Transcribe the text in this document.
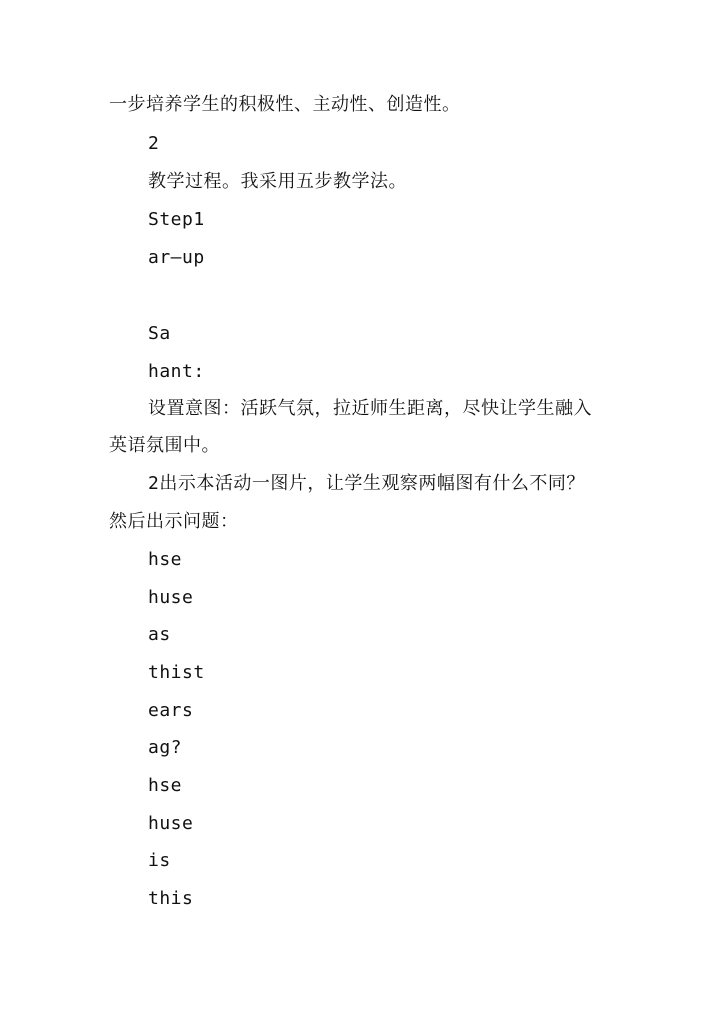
一步培养学生的积极性、主动性、创造性。
2
教学过程。我采用五步教学法。
Step1
ar—up
Sa
hant:
设置意图：活跃气氛，拉近师生距离，尽快让学生融入
英语氛围中。
2出示本活动一图片，让学生观察两幅图有什么不同？
然后出示问题：
hse
huse
as
thist
ears
ag?
hse
huse
is
this
